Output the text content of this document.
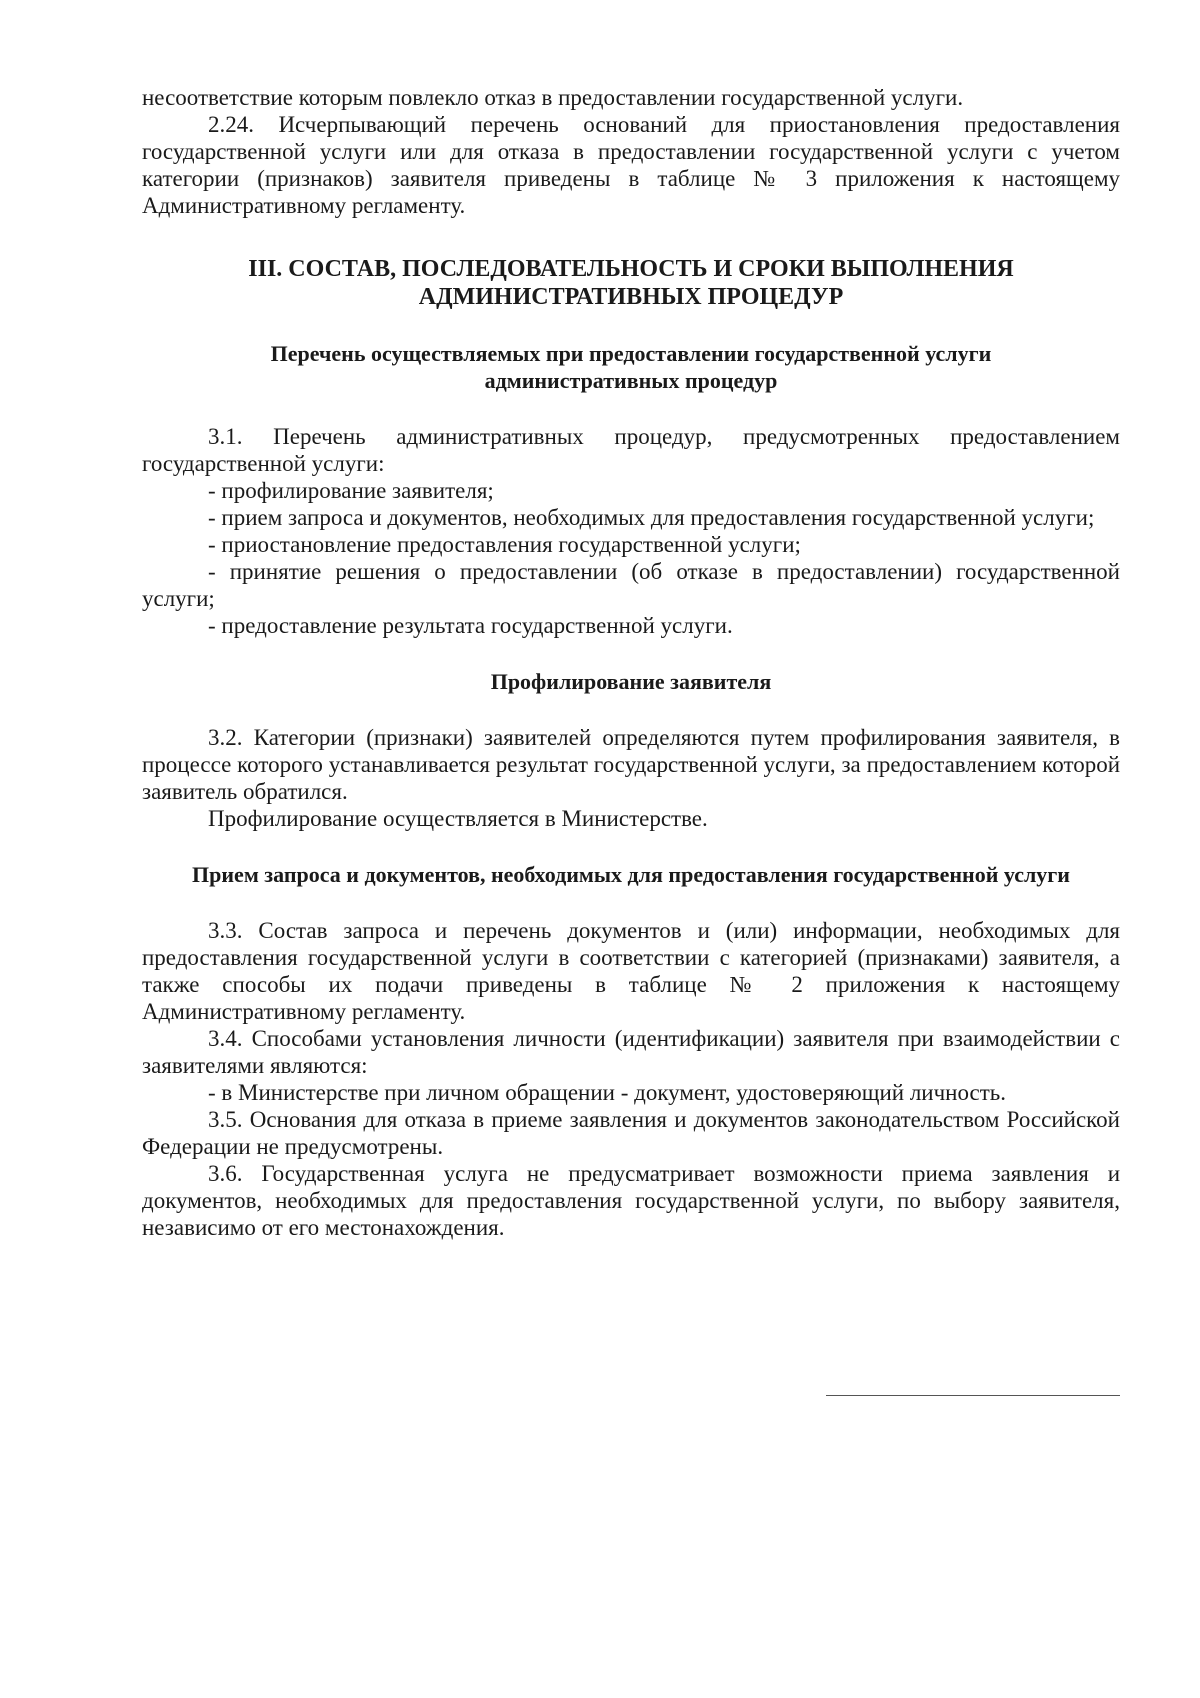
несоответствие которым повлекло отказ в предоставлении государственной услуги.

2.24. Исчерпывающий перечень оснований для приостановления предоставления государственной услуги или для отказа в предоставлении государственной услуги с учетом категории (признаков) заявителя приведены в таблице № 3 приложения к настоящему Административному регламенту.

III. СОСТАВ, ПОСЛЕДОВАТЕЛЬНОСТЬ И СРОКИ ВЫПОЛНЕНИЯ АДМИНИСТРАТИВНЫХ ПРОЦЕДУР
Перечень осуществляемых при предоставлении государственной услуги административных процедур

3.1. Перечень административных процедур, предусмотренных предоставлением государственной услуги:

- профилирование заявителя;

- прием запроса и документов, необходимых для предоставления государственной услуги;

- приостановление предоставления государственной услуги;

- принятие решения о предоставлении (об отказе в предоставлении) государственной услуги;

- предоставление результата государственной услуги.

Профилирование заявителя

3.2. Категории (признаки) заявителей определяются путем профилирования заявителя, в процессе которого устанавливается результат государственной услуги, за предоставлением которой заявитель обратился.

Профилирование осуществляется в Министерстве.

Прием запроса и документов, необходимых для предоставления государственной услуги

3.3. Состав запроса и перечень документов и (или) информации, необходимых для предоставления государственной услуги в соответствии с категорией (признаками) заявителя, а также способы их подачи приведены в таблице № 2 приложения к настоящему Административному регламенту.

3.4. Способами установления личности (идентификации) заявителя при взаимодействии с заявителями являются:

- в Министерстве при личном обращении - документ, удостоверяющий личность.

3.5. Основания для отказа в приеме заявления и документов законодательством Российской Федерации не предусмотрены.

3.6. Государственная услуга не предусматривает возможности приема заявления и документов, необходимых для предоставления государственной услуги, по выбору заявителя, независимо от его местонахождения.
